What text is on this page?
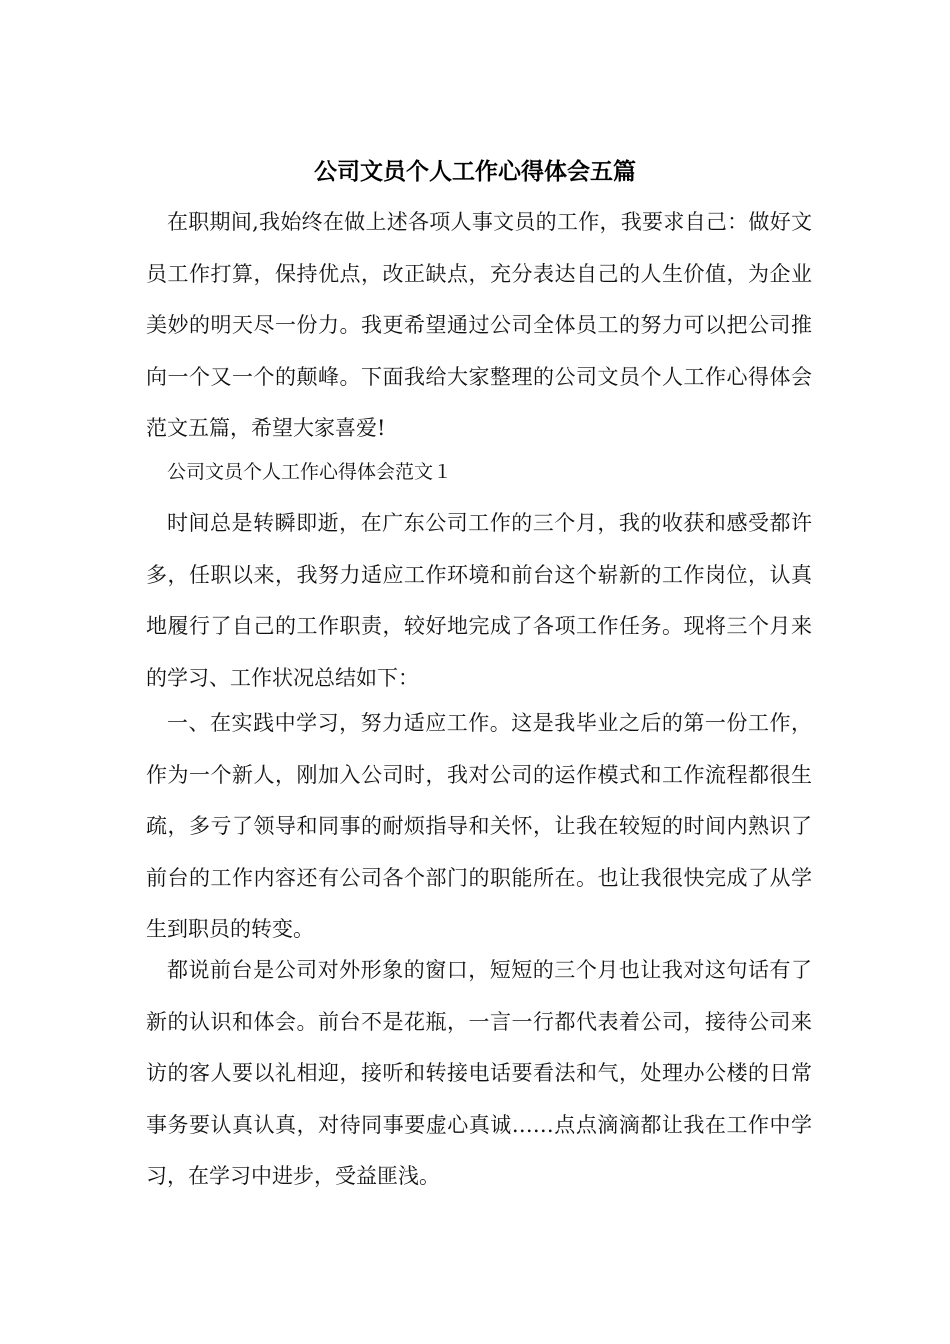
公司文员个人工作心得体会五篇

在职期间,我始终在做上述各项人事文员的工作，我要求自己：做好文员工作打算，保持优点，改正缺点，充分表达自己的人生价值，为企业美妙的明天尽一份力。我更希望通过公司全体员工的努力可以把公司推向一个又一个的颠峰。下面我给大家整理的公司文员个人工作心得体会范文五篇，希望大家喜爱!

公司文员个人工作心得体会范文１

时间总是转瞬即逝，在广东公司工作的三个月，我的收获和感受都许多，任职以来，我努力适应工作环境和前台这个崭新的工作岗位，认真地履行了自己的工作职责，较好地完成了各项工作任务。现将三个月来的学习、工作状况总结如下：

一、在实践中学习，努力适应工作。这是我毕业之后的第一份工作，作为一个新人，刚加入公司时，我对公司的运作模式和工作流程都很生疏，多亏了领导和同事的耐烦指导和关怀，让我在较短的时间内熟识了前台的工作内容还有公司各个部门的职能所在。也让我很快完成了从学生到职员的转变。

都说前台是公司对外形象的窗口，短短的三个月也让我对这句话有了新的认识和体会。前台不是花瓶，一言一行都代表着公司，接待公司来访的客人要以礼相迎，接听和转接电话要看法和气，处理办公楼的日常事务要认真认真，对待同事要虚心真诚……点点滴滴都让我在工作中学习，在学习中进步，受益匪浅。
